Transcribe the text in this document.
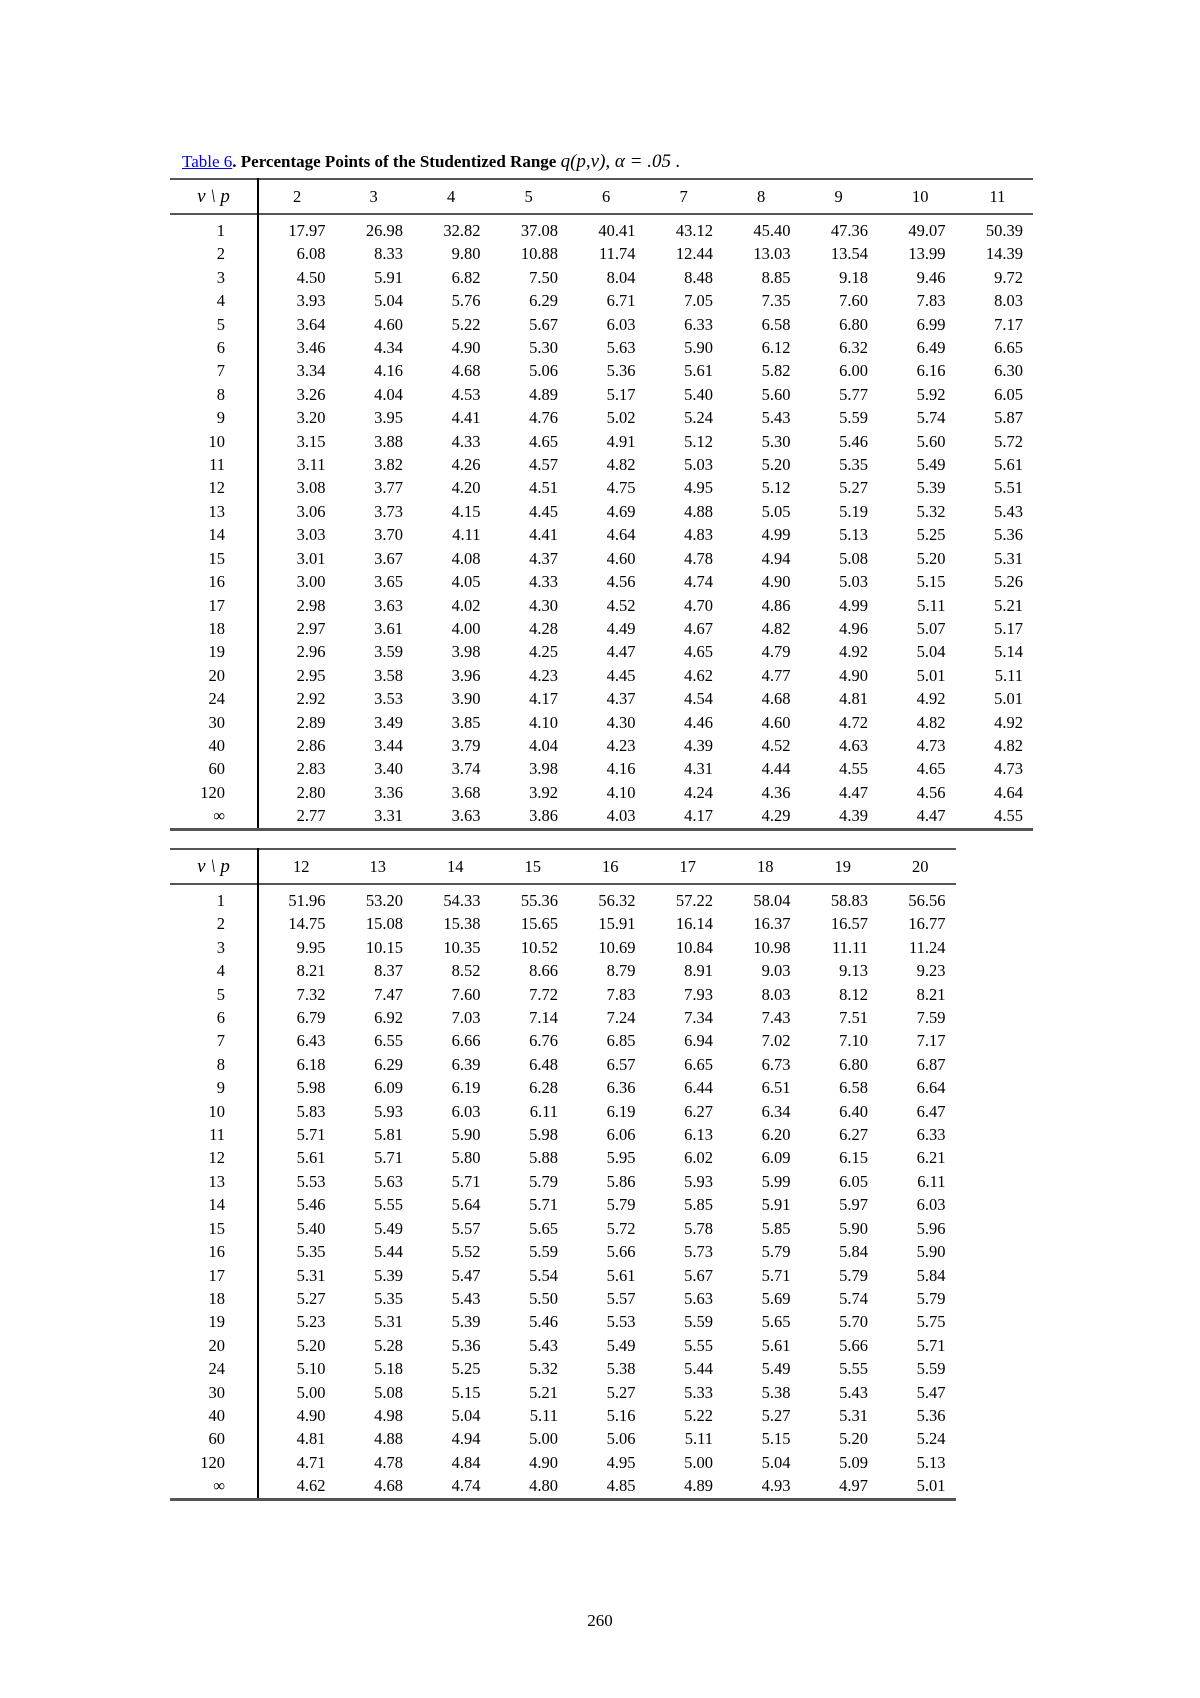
Table 6. Percentage Points of the Studentized Range q(p,v), α = .05 .
v \ p	2	3	4	5	6	7	8	9	10	11
1	17.97	26.98	32.82	37.08	40.41	43.12	45.40	47.36	49.07	50.39
2	6.08	8.33	9.80	10.88	11.74	12.44	13.03	13.54	13.99	14.39
3	4.50	5.91	6.82	7.50	8.04	8.48	8.85	9.18	9.46	9.72
4	3.93	5.04	5.76	6.29	6.71	7.05	7.35	7.60	7.83	8.03
5	3.64	4.60	5.22	5.67	6.03	6.33	6.58	6.80	6.99	7.17
6	3.46	4.34	4.90	5.30	5.63	5.90	6.12	6.32	6.49	6.65
7	3.34	4.16	4.68	5.06	5.36	5.61	5.82	6.00	6.16	6.30
8	3.26	4.04	4.53	4.89	5.17	5.40	5.60	5.77	5.92	6.05
9	3.20	3.95	4.41	4.76	5.02	5.24	5.43	5.59	5.74	5.87
10	3.15	3.88	4.33	4.65	4.91	5.12	5.30	5.46	5.60	5.72
11	3.11	3.82	4.26	4.57	4.82	5.03	5.20	5.35	5.49	5.61
12	3.08	3.77	4.20	4.51	4.75	4.95	5.12	5.27	5.39	5.51
13	3.06	3.73	4.15	4.45	4.69	4.88	5.05	5.19	5.32	5.43
14	3.03	3.70	4.11	4.41	4.64	4.83	4.99	5.13	5.25	5.36
15	3.01	3.67	4.08	4.37	4.60	4.78	4.94	5.08	5.20	5.31
16	3.00	3.65	4.05	4.33	4.56	4.74	4.90	5.03	5.15	5.26
17	2.98	3.63	4.02	4.30	4.52	4.70	4.86	4.99	5.11	5.21
18	2.97	3.61	4.00	4.28	4.49	4.67	4.82	4.96	5.07	5.17
19	2.96	3.59	3.98	4.25	4.47	4.65	4.79	4.92	5.04	5.14
20	2.95	3.58	3.96	4.23	4.45	4.62	4.77	4.90	5.01	5.11
24	2.92	3.53	3.90	4.17	4.37	4.54	4.68	4.81	4.92	5.01
30	2.89	3.49	3.85	4.10	4.30	4.46	4.60	4.72	4.82	4.92
40	2.86	3.44	3.79	4.04	4.23	4.39	4.52	4.63	4.73	4.82
60	2.83	3.40	3.74	3.98	4.16	4.31	4.44	4.55	4.65	4.73
120	2.80	3.36	3.68	3.92	4.10	4.24	4.36	4.47	4.56	4.64
∞	2.77	3.31	3.63	3.86	4.03	4.17	4.29	4.39	4.47	4.55
v \ p	12	13	14	15	16	17	18	19	20
1	51.96	53.20	54.33	55.36	56.32	57.22	58.04	58.83	56.56
2	14.75	15.08	15.38	15.65	15.91	16.14	16.37	16.57	16.77
3	9.95	10.15	10.35	10.52	10.69	10.84	10.98	11.11	11.24
4	8.21	8.37	8.52	8.66	8.79	8.91	9.03	9.13	9.23
5	7.32	7.47	7.60	7.72	7.83	7.93	8.03	8.12	8.21
6	6.79	6.92	7.03	7.14	7.24	7.34	7.43	7.51	7.59
7	6.43	6.55	6.66	6.76	6.85	6.94	7.02	7.10	7.17
8	6.18	6.29	6.39	6.48	6.57	6.65	6.73	6.80	6.87
9	5.98	6.09	6.19	6.28	6.36	6.44	6.51	6.58	6.64
10	5.83	5.93	6.03	6.11	6.19	6.27	6.34	6.40	6.47
11	5.71	5.81	5.90	5.98	6.06	6.13	6.20	6.27	6.33
12	5.61	5.71	5.80	5.88	5.95	6.02	6.09	6.15	6.21
13	5.53	5.63	5.71	5.79	5.86	5.93	5.99	6.05	6.11
14	5.46	5.55	5.64	5.71	5.79	5.85	5.91	5.97	6.03
15	5.40	5.49	5.57	5.65	5.72	5.78	5.85	5.90	5.96
16	5.35	5.44	5.52	5.59	5.66	5.73	5.79	5.84	5.90
17	5.31	5.39	5.47	5.54	5.61	5.67	5.71	5.79	5.84
18	5.27	5.35	5.43	5.50	5.57	5.63	5.69	5.74	5.79
19	5.23	5.31	5.39	5.46	5.53	5.59	5.65	5.70	5.75
20	5.20	5.28	5.36	5.43	5.49	5.55	5.61	5.66	5.71
24	5.10	5.18	5.25	5.32	5.38	5.44	5.49	5.55	5.59
30	5.00	5.08	5.15	5.21	5.27	5.33	5.38	5.43	5.47
40	4.90	4.98	5.04	5.11	5.16	5.22	5.27	5.31	5.36
60	4.81	4.88	4.94	5.00	5.06	5.11	5.15	5.20	5.24
120	4.71	4.78	4.84	4.90	4.95	5.00	5.04	5.09	5.13
∞	4.62	4.68	4.74	4.80	4.85	4.89	4.93	4.97	5.01
260
